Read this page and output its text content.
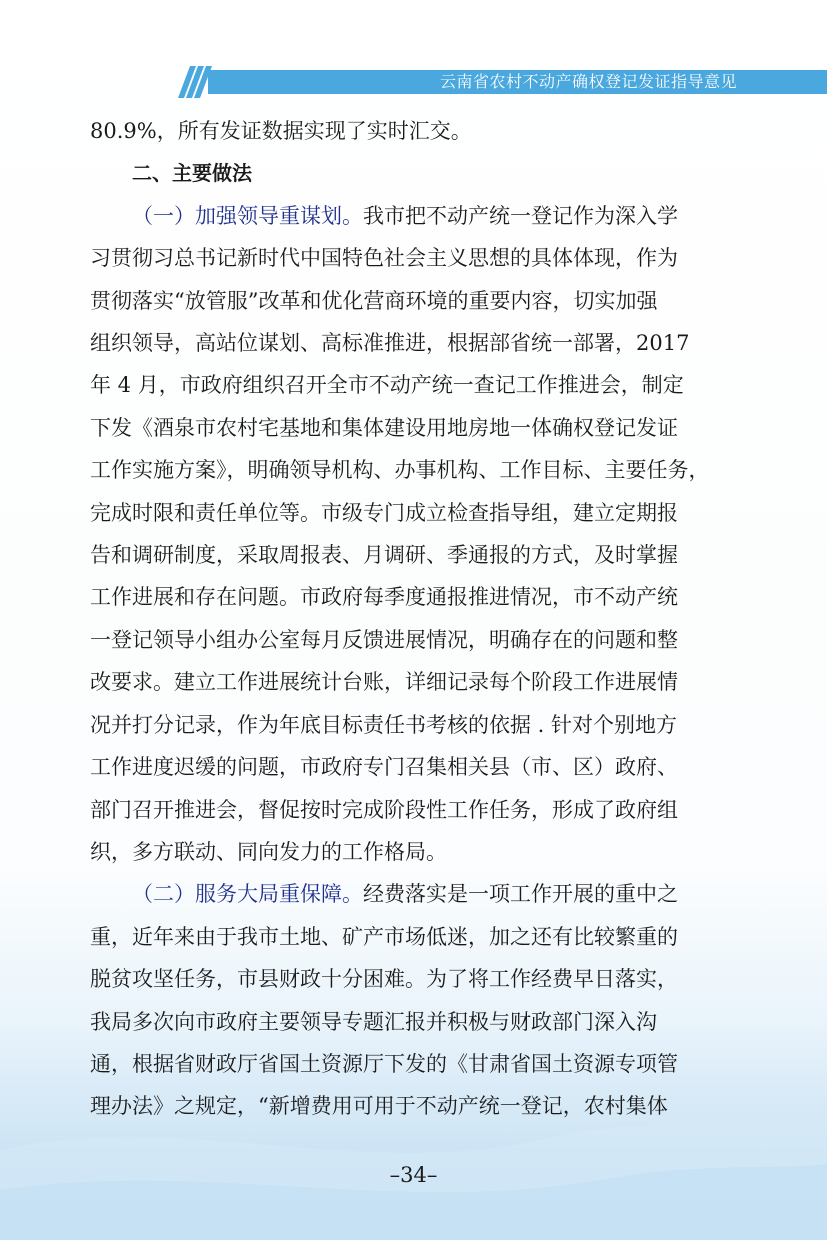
云南省农村不动产确权登记发证指导意见
80.9%，所有发证数据实现了实时汇交。
二、主要做法
（一）加强领导重谋划。我市把不动产统一登记作为深入学
习贯彻习总书记新时代中国特色社会主义思想的具体体现，作为
贯彻落实“放管服”改革和优化营商环境的重要内容，切实加强
组织领导，高站位谋划、高标准推进，根据部省统一部署，2017
年 4 月，市政府组织召开全市不动产统一查记工作推进会，制定
下发《酒泉市农村宅基地和集体建设用地房地一体确权登记发证
工作实施方案》，明确领导机构、办事机构、工作目标、主要任务，
完成时限和责任单位等。市级专门成立检查指导组，建立定期报
告和调研制度，采取周报表、月调研、季通报的方式，及时掌握
工作进展和存在问题。市政府每季度通报推进情况，市不动产统
一登记领导小组办公室每月反馈进展情况，明确存在的问题和整
改要求。建立工作进展统计台账，详细记录每个阶段工作进展情
况并打分记录，作为年底目标责任书考核的依据 . 针对个别地方
工作进度迟缓的问题，市政府专门召集相关县（市、区）政府、
部门召开推进会，督促按时完成阶段性工作任务，形成了政府组
织，多方联动、同向发力的工作格局。
（二）服务大局重保障。经费落实是一项工作开展的重中之
重，近年来由于我市土地、矿产市场低迷，加之还有比较繁重的
脱贫攻坚任务，市县财政十分困难。为了将工作经费早日落实，
我局多次向市政府主要领导专题汇报并积极与财政部门深入沟
通，根据省财政厅省国土资源厅下发的《甘肃省国土资源专项管
理办法》之规定，“新增费用可用于不动产统一登记，农村集体
–34–
